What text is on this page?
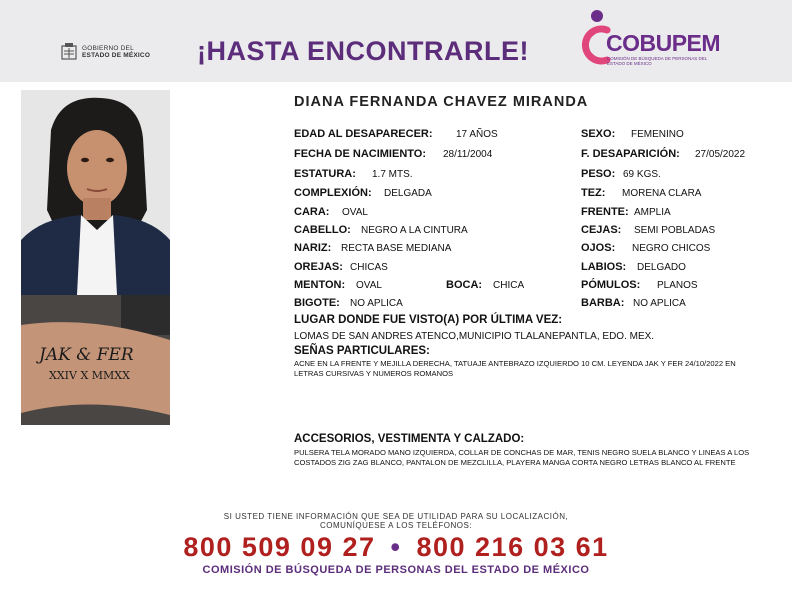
GOBIERNO DEL
ESTADO DE MÉXICO ¡HASTA ENCONTRARLE!	COBUPEM
COMISIÓN DE BÚSQUEDA DE PERSONAS DEL ESTADO DE MÉXICO
JAK & FER
XXIV X MMXX
DIANA FERNANDA CHAVEZ MIRANDA
EDAD AL DESAPARECER: 17 AÑOS
FECHA DE NACIMIENTO: 28/11/2004
ESTATURA: 1.7 MTS.
COMPLEXIÓN: DELGADA
CARA: OVAL
CABELLO: NEGRO A LA CINTURA
NARIZ: RECTA BASE MEDIANA
OREJAS: CHICAS
MENTON: OVAL	BOCA: CHICA
BIGOTE: NO APLICA
SEXO: FEMENINO
F. DESAPARICIÓN: 27/05/2022
PESO: 69 KGS.
TEZ: MORENA CLARA
FRENTE: AMPLIA
CEJAS: SEMI POBLADAS
OJOS: NEGRO CHICOS
LABIOS: DELGADO
PÓMULOS: PLANOS
BARBA: NO APLICA
LUGAR DONDE FUE VISTO(A) POR ÚLTIMA VEZ:
LOMAS DE SAN ANDRES ATENCO,MUNICIPIO TLALANEPANTLA, EDO. MEX.
SEÑAS PARTICULARES:
ACNE EN LA FRENTE Y MEJILLA DERECHA, TATUAJE ANTEBRAZO IZQUIERDO 10 CM. LEYENDA JAK Y FER 24/10/2022 EN LETRAS CURSIVAS Y NUMEROS ROMANOS
ACCESORIOS, VESTIMENTA Y CALZADO:
PULSERA TELA MORADO MANO IZQUIERDA, COLLAR DE CONCHAS DE MAR, TENIS NEGRO SUELA BLANCO Y LINEAS A LOS COSTADOS ZIG ZAG BLANCO, PANTALON DE MEZCLILLA, PLAYERA MANGA CORTA NEGRO LETRAS BLANCO AL FRENTE
SI USTED TIENE INFORMACIÓN QUE SEA DE UTILIDAD PARA SU LOCALIZACIÓN,
COMUNÍQUESE A LOS TELÉFONOS:
800 509 09 27 • 800 216 03 61
COMISIÓN DE BÚSQUEDA DE PERSONAS DEL ESTADO DE MÉXICO
